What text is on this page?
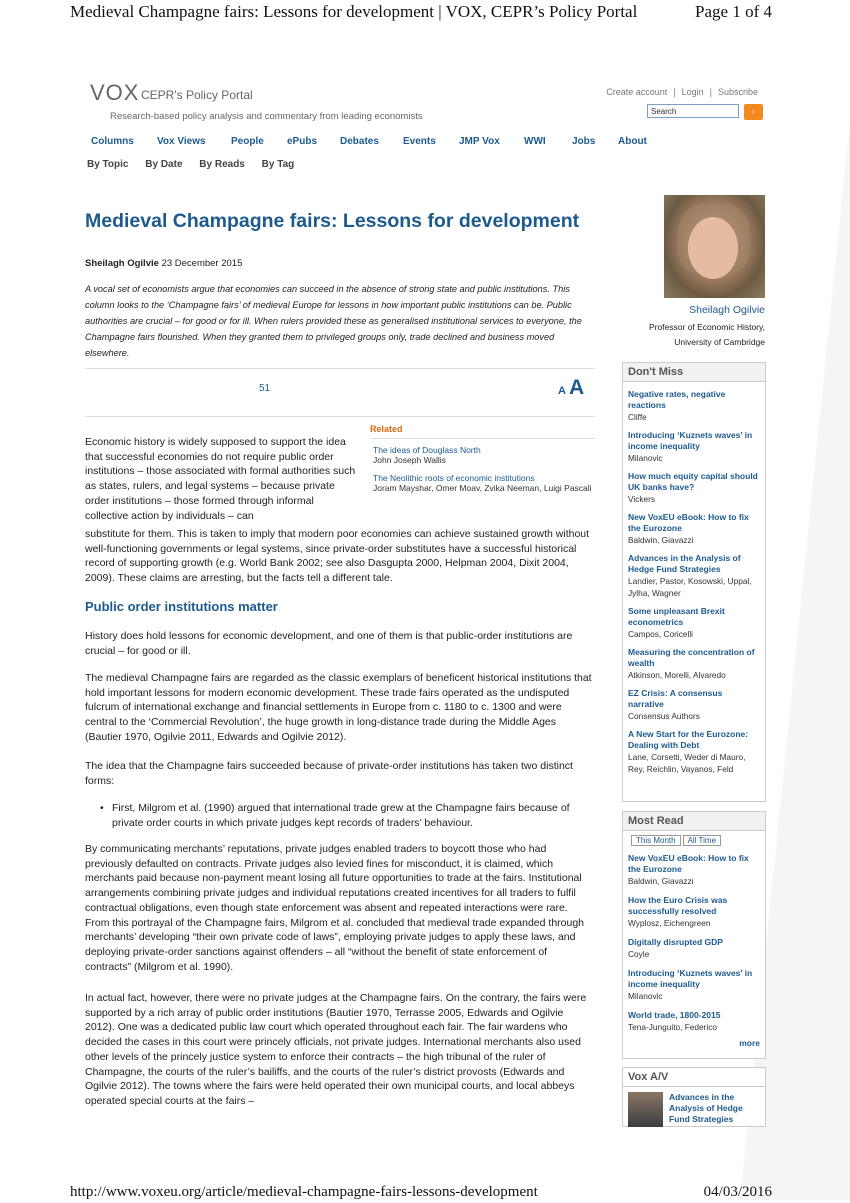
Medieval Champagne fairs: Lessons for development | VOX, CEPR’s Policy Portal	Page 1 of 4
VOX CEPR's Policy Portal
Research-based policy analysis and commentary from leading economists
Create account | Login | Subscribe
Search	›
Columns Vox Views	People ePubs Debates Events JMP Vox WWI	Jobs About
By Topic By Date By Reads By Tag
Medieval Champagne fairs: Lessons for development
Sheilagh Ogilvie 23 December 2015
A vocal set of economists argue that economies can succeed in the absence of strong state and public institutions. This column looks to the ‘Champagne fairs’ of medieval Europe for lessons in how important public institutions can be. Public authorities are crucial – for good or for ill. When rulers provided these as generalised institutional services to everyone, the Champagne fairs flourished. When they granted them to privileged groups only, trade declined and business moved elsewhere.
51	A A
Related
The ideas of Douglass North
John Joseph Wallis
The Neolithic roots of economic institutions
Joram Mayshar, Omer Moav, Zvika Neeman, Luigi Pascali
Economic history is widely supposed to support the idea that successful economies do not require public order institutions – those associated with formal authorities such as states, rulers, and legal systems – because private order institutions – those formed through informal collective action by individuals – can
substitute for them. This is taken to imply that modern poor economies can achieve sustained growth without well-functioning governments or legal systems, since private-order substitutes have a successful historical record of supporting growth (e.g. World Bank 2002; see also Dasgupta 2000, Helpman 2004, Dixit 2004, 2009). These claims are arresting, but the facts tell a different tale.
Public order institutions matter
History does hold lessons for economic development, and one of them is that public-order institutions are crucial – for good or ill.
The medieval Champagne fairs are regarded as the classic exemplars of beneficent historical institutions that hold important lessons for modern economic development. These trade fairs operated as the undisputed fulcrum of international exchange and financial settlements in Europe from c. 1180 to c. 1300 and were central to the ‘Commercial Revolution’, the huge growth in long-distance trade during the Middle Ages (Bautier 1970, Ogilvie 2011, Edwards and Ogilvie 2012).
The idea that the Champagne fairs succeeded because of private-order institutions has taken two distinct forms:
• First, Milgrom et al. (1990) argued that international trade grew at the Champagne fairs because of private order courts in which private judges kept records of traders’ behaviour.
By communicating merchants’ reputations, private judges enabled traders to boycott those who had previously defaulted on contracts. Private judges also levied fines for misconduct, it is claimed, which merchants paid because non-payment meant losing all future opportunities to trade at the fairs. Institutional arrangements combining private judges and individual reputations created incentives for all traders to fulfil contractual obligations, even though state enforcement was absent and repeated interactions were rare. From this portrayal of the Champagne fairs, Milgrom et al. concluded that medieval trade expanded through merchants’ developing “their own private code of laws”, employing private judges to apply these laws, and deploying private-order sanctions against offenders – all “without the benefit of state enforcement of contracts” (Milgrom et al. 1990).
In actual fact, however, there were no private judges at the Champagne fairs. On the contrary, the fairs were supported by a rich array of public order institutions (Bautier 1970, Terrasse 2005, Edwards and Ogilvie 2012). One was a dedicated public law court which operated throughout each fair. The fair wardens who decided the cases in this court were princely officials, not private judges. International merchants also used other levels of the princely justice system to enforce their contracts – the high tribunal of the ruler of Champagne, the courts of the ruler’s bailiffs, and the courts of the ruler’s district provosts (Edwards and Ogilvie 2012). The towns where the fairs were held operated their own municipal courts, and local abbeys operated special courts at the fairs –
Sheilagh Ogilvie
Professor of Economic History,
University of Cambridge
Don't Miss
Negative rates, negative reactions
Cliffe
Introducing ‘Kuznets waves’ in income inequality
Milanovic
How much equity capital should UK banks have?
Vickers
New VoxEU eBook: How to fix the Eurozone
Baldwin, Giavazzi
Advances in the Analysis of Hedge Fund Strategies
Landier, Pastor, Kosowski, Uppal, Jylha, Wagner
Some unpleasant Brexit econometrics
Campos, Coricelli
Measuring the concentration of wealth
Atkinson, Morelli, Alvaredo
EZ Crisis: A consensus narrative
Consensus Authors
A New Start for the Eurozone: Dealing with Debt
Lane, Corsetti, Weder di Mauro, Rey, Reichlin, Vayanos, Feld
Most Read
This Month All Time
New VoxEU eBook: How to fix the Eurozone
Baldwin, Giavazzi
How the Euro Crisis was successfully resolved
Wyplosz, Eichengreen
Digitally disrupted GDP
Coyle
Introducing ‘Kuznets waves’ in income inequality
Milanovic
World trade, 1800-2015
Tena-Junguito, Federico
more
Vox A/V
Advances in the Analysis of Hedge Fund Strategies
http://www.voxeu.org/article/medieval-champagne-fairs-lessons-development	04/03/2016
